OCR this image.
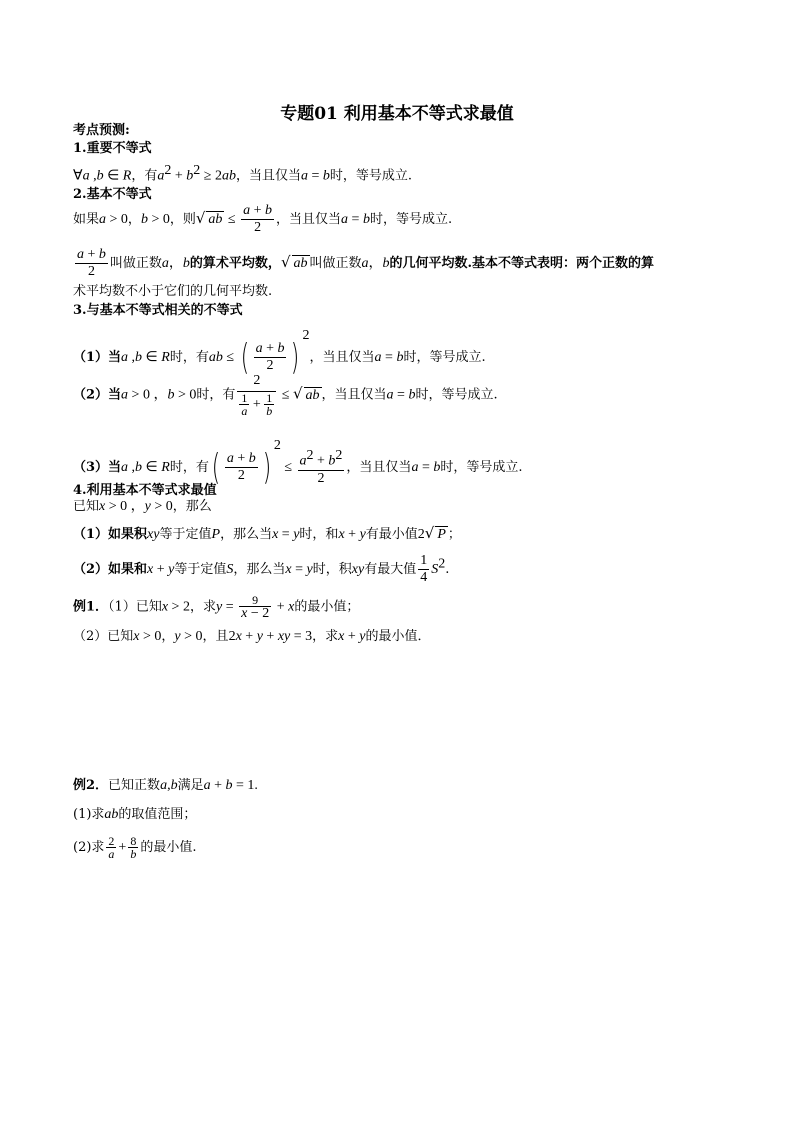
专题01 利用基本不等式求最值
考点预测:
1.重要不等式
∀a ,b ∈ R，有$a^2 + b^2 \ge 2ab$，当且仅当a = b时，等号成立.
2.基本不等式
如果a > 0，b > 0，则√ ab ≤ $\frac{a + b}{2}$ ，当且仅当a = b时，等号成立.
$\frac{a + b}{2}$ 叫做正数a，b的算术平均数，√ ab 叫做正数a，b的几何平均数.基本不等式表明：两个正数的算
术平均数不小于它们的几何平均数.
3.与基本不等式相关的不等式
（1）当a ,b ∈ R时，有ab ≤ ( $\frac{a + b}{2} )^2$，当且仅当a = b时，等号成立.
（2）当a > 0 ，b > 0时，有 $\frac{2}{\frac{1}{a} + \frac{1}{b}}$ ≤ √ ab ，当且仅当a = b时，等号成立.
（3）当a ,b ∈ R时，有( $\frac{a + b}{2} )^2 \le \frac{a^2 + b^2}{2}$ ，当且仅当a = b时，等号成立.
4.利用基本不等式求最值
已知x > 0 ，y > 0，那么
（1）如果积xy等于定值P，那么当x = y时，和x + y有最小值2√ P ；
（2）如果和x + y等于定值S，那么当x = y时，积xy有最大值 $\frac{1}{4} S^2$.
例1．（1）已知x > 2，求$y = \frac{9}{x - 2} + x$的最小值；
（2）已知x > 0，y > 0，且2x + y + xy = 3，求x + y的最小值．
例2．已知正数a,b满足a + b = 1.
(1)求ab的取值范围；
(2)求 $\frac{2}{a} + \frac{8}{b}$ 的最小值.
